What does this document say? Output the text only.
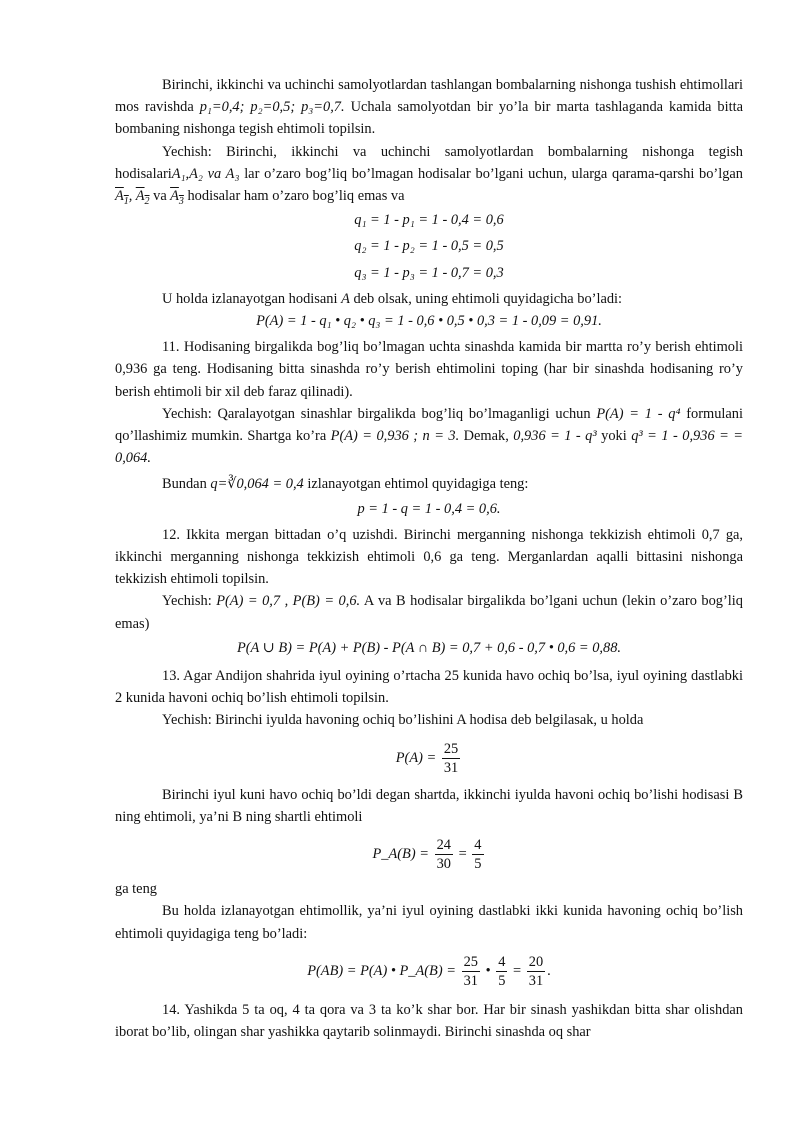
Birinchi, ikkinchi va uchinchi samolyotlardan tashlangan bombalarning nishonga tushish ehtimollari mos ravishda p₁=0,4; p₂=0,5; p₃=0,7. Uchala samolyotdan bir yo’la bir marta tashlaganda kamida bitta bombaning nishonga tegish ehtimoli topilsin.

Yechish: Birinchi, ikkinchi va uchinchi samolyotlardan bombalarning nishonga tegish hodisalariA₁,A₂ va A₃ lar o’zaro bog’liq bo’lmagan hodisalar bo’lgani uchun, ularga qarama-qarshi bo’lgan $A_1$, $A_2$ va $A_3$ hodisalar ham o’zaro bog’liq emas va

q₁ = 1 - p₁ = 1 - 0,4 = 0,6

q₂ = 1 - p₂ = 1 - 0,5 = 0,5

q₃ = 1 - p₃ = 1 - 0,7 = 0,3

U holda izlanayotgan hodisani A deb olsak, uning ehtimoli quyidagicha bo’ladi:

P(A) = 1 - q₁ • q₂ • q₃ = 1 - 0,6 • 0,5 • 0,3 = 1 - 0,09 = 0,91.

11. Hodisaning birgalikda bog’liq bo’lmagan uchta sinashda kamida bir martta ro’y berish ehtimoli 0,936 ga teng. Hodisaning bitta sinashda ro’y berish ehtimolini toping (har bir sinashda hodisaning ro’y berish ehtimoli bir xil deb faraz qilinadi).

Yechish: Qaralayotgan sinashlar birgalikda bog’liq bo’lmaganligi uchun P(A) = 1 - q⁴ formulani qo’llashimiz mumkin. Shartga ko’ra P(A) = 0,936 ; n = 3. Demak, 0,936 = 1 - q³ yoki q³ = 1 - 0,936 = = 0,064.

Bundan q=∛0,064 = 0,4 izlanayotgan ehtimol quyidagiga teng:

p = 1 - q = 1 - 0,4 = 0,6.

12. Ikkita mergan bittadan o’q uzishdi. Birinchi merganning nishonga tekkizish ehtimoli 0,7 ga, ikkinchi merganning nishonga tekkizish ehtimoli 0,6 ga teng. Merganlardan aqalli bittasini nishonga tekkizish ehtimoli topilsin.

Yechish: P(A) = 0,7 , P(B) = 0,6. A va B hodisalar birgalikda bo’lgani uchun (lekin o’zaro bog’liq emas)

P(A ∪ B) = P(A) + P(B) - P(A ∩ B) = 0,7 + 0,6 - 0,7 • 0,6 = 0,88.

13. Agar Andijon shahrida iyul oyining o’rtacha 25 kunida havo ochiq bo’lsa, iyul oyining dastlabki 2 kunida havoni ochiq bo’lish ehtimoli topilsin.

Yechish: Birinchi iyulda havoning ochiq bo’lishini A hodisa deb belgilasak, u holda

$P(A) = \frac{25}{31}$

Birinchi iyul kuni havo ochiq bo’ldi degan shartda, ikkinchi iyulda havoni ochiq bo’lishi hodisasi B ning ehtimoli, ya’ni B ning shartli ehtimoli

P_A(B) = $\frac{24}{30} = \frac{4}{5}$

ga teng

Bu holda izlanayotgan ehtimollik, ya’ni iyul oyining dastlabki ikki kunida havoning ochiq bo’lish ehtimoli quyidagiga teng bo’ladi:

P(AB) = P(A) • P_A(B) = $\frac{25}{31}$ • $\frac{4}{5} = \frac{20}{31}$ .

14. Yashikda 5 ta oq, 4 ta qora va 3 ta ko’k shar bor. Har bir sinash yashikdan bitta shar olishdan iborat bo’lib, olingan shar yashikka qaytarib solinmaydi. Birinchi sinashda oq shar
